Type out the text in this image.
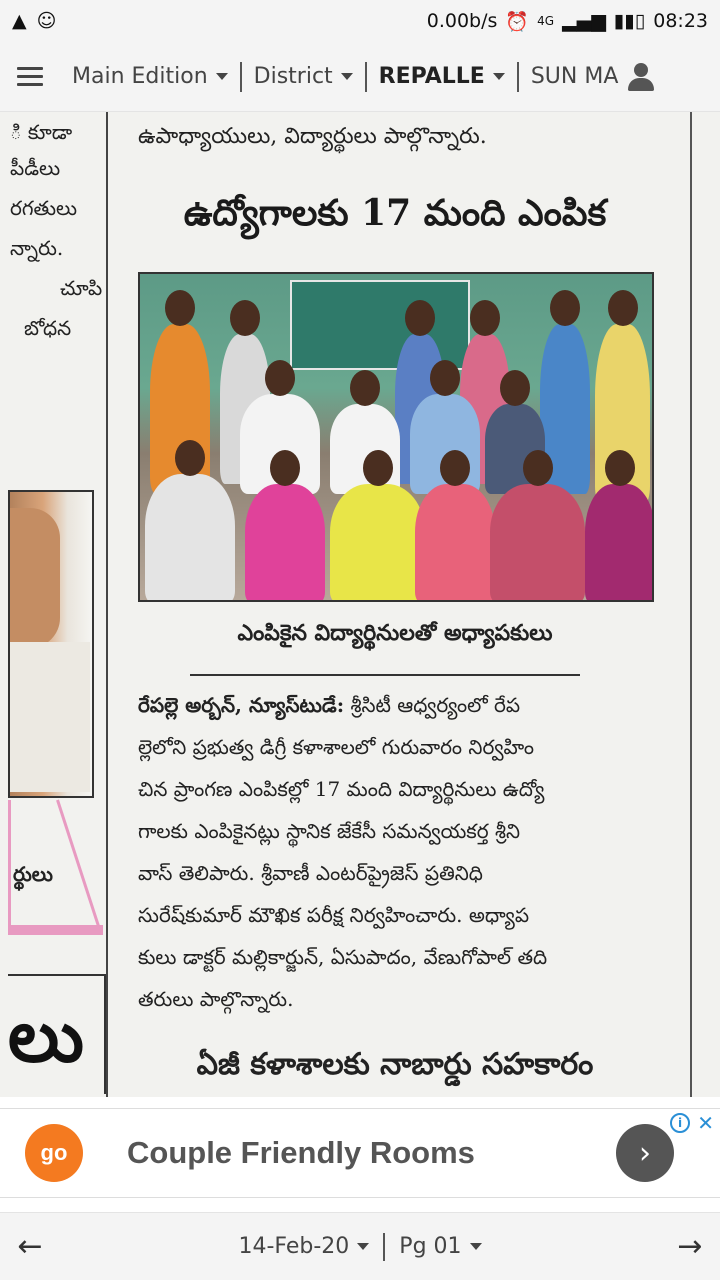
▲ ☺	0.00b/s ⏰ 4G ▂▄▆ ▮▮▯ 08:23
Main Edition District REPALLE SUN MA
ి కూడా
పీడీలు
రగతులు
న్నారు.
చూపి
బోధన
ర్థులు
లు
ఉపాధ్యాయులు, విద్యార్థులు పాల్గొన్నారు.
ఉద్యోగాలకు 17 మంది ఎంపిక
ఎంపికైన విద్యార్థినులతో అధ్యాపకులు

రేపల్లె అర్బన్, న్యూస్‌టుడే: శ్రీసిటీ ఆధ్వర్యంలో రేప

ల్లెలోని ప్రభుత్వ డిగ్రీ కళాశాలలో గురువారం నిర్వహిం

చిన ప్రాంగణ ఎంపికల్లో 17 మంది విద్యార్థినులు ఉద్యో

గాలకు ఎంపికైనట్లు స్థానిక జేకేసీ సమన్వయకర్త శ్రీని

వాస్ తెలిపారు. శ్రీవాణీ ఎంటర్‌ప్రైజెస్ ప్రతినిధి

సురేష్‌కుమార్ మౌఖిక పరీక్ష నిర్వహించారు. అధ్యాప

కులు డాక్టర్ మల్లికార్జున్, ఏసుపాదం, వేణుగోపాల్ తది

తరులు పాల్గొన్నారు.

ఏజీ కళాశాలకు నాబార్డు సహకారం
go	Couple Friendly Rooms	›
i ✕
←	14-Feb-20 Pg 01	→
